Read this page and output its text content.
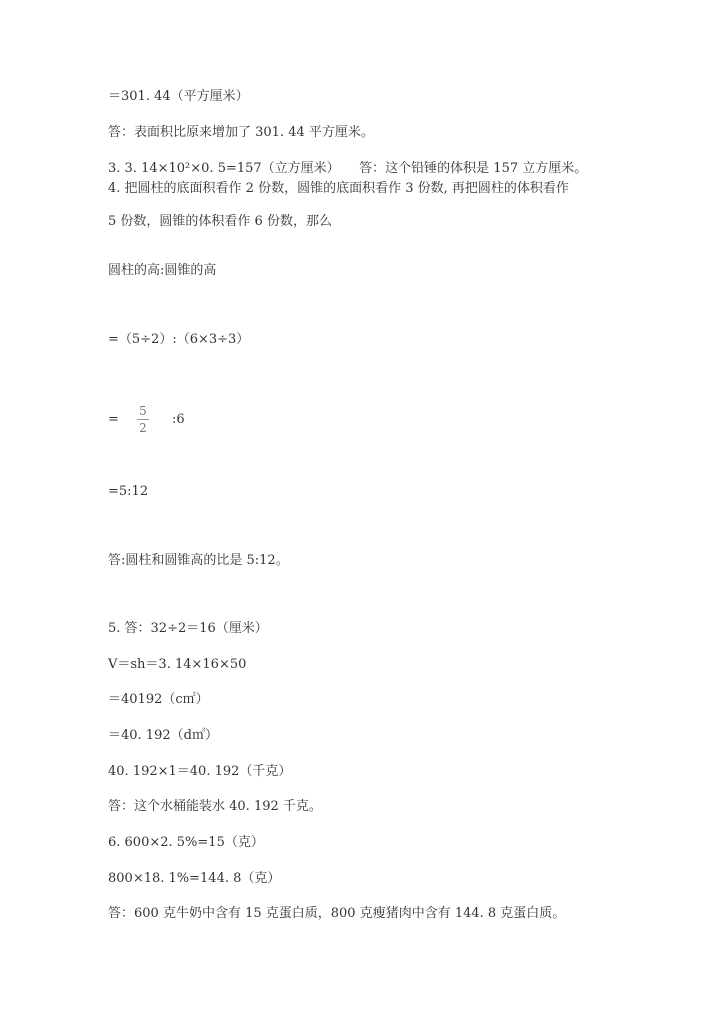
＝301. 44（平方厘米）
答：表面积比原来增加了 301. 44 平方厘米。
3. 3. 14×10²×0. 5=157（立方厘米）　　答：这个铅锤的体积是 157 立方厘米。
4. 把圆柱的底面积看作 2 份数，圆锥的底面积看作 3 份数, 再把圆柱的体积看作
5 份数，圆锥的体积看作 6 份数，那么
圆柱的高:圆锥的高
=（5÷2）:（6×3÷3）
=
5
2
:6
=5:12
答:圆柱和圆锥高的比是 5:12。
5. 答：32÷2＝16（厘米）
V＝sh＝3. 14×16×50
＝40192（c㎡）
＝40. 192（d㎥）
40. 192×1＝40. 192（千克）
答：这个水桶能装水 40. 192 千克。
6. 600×2. 5%=15（克）
800×18. 1%=144. 8（克）
答：600 克牛奶中含有 15 克蛋白质，800 克瘦猪肉中含有 144. 8 克蛋白质。
